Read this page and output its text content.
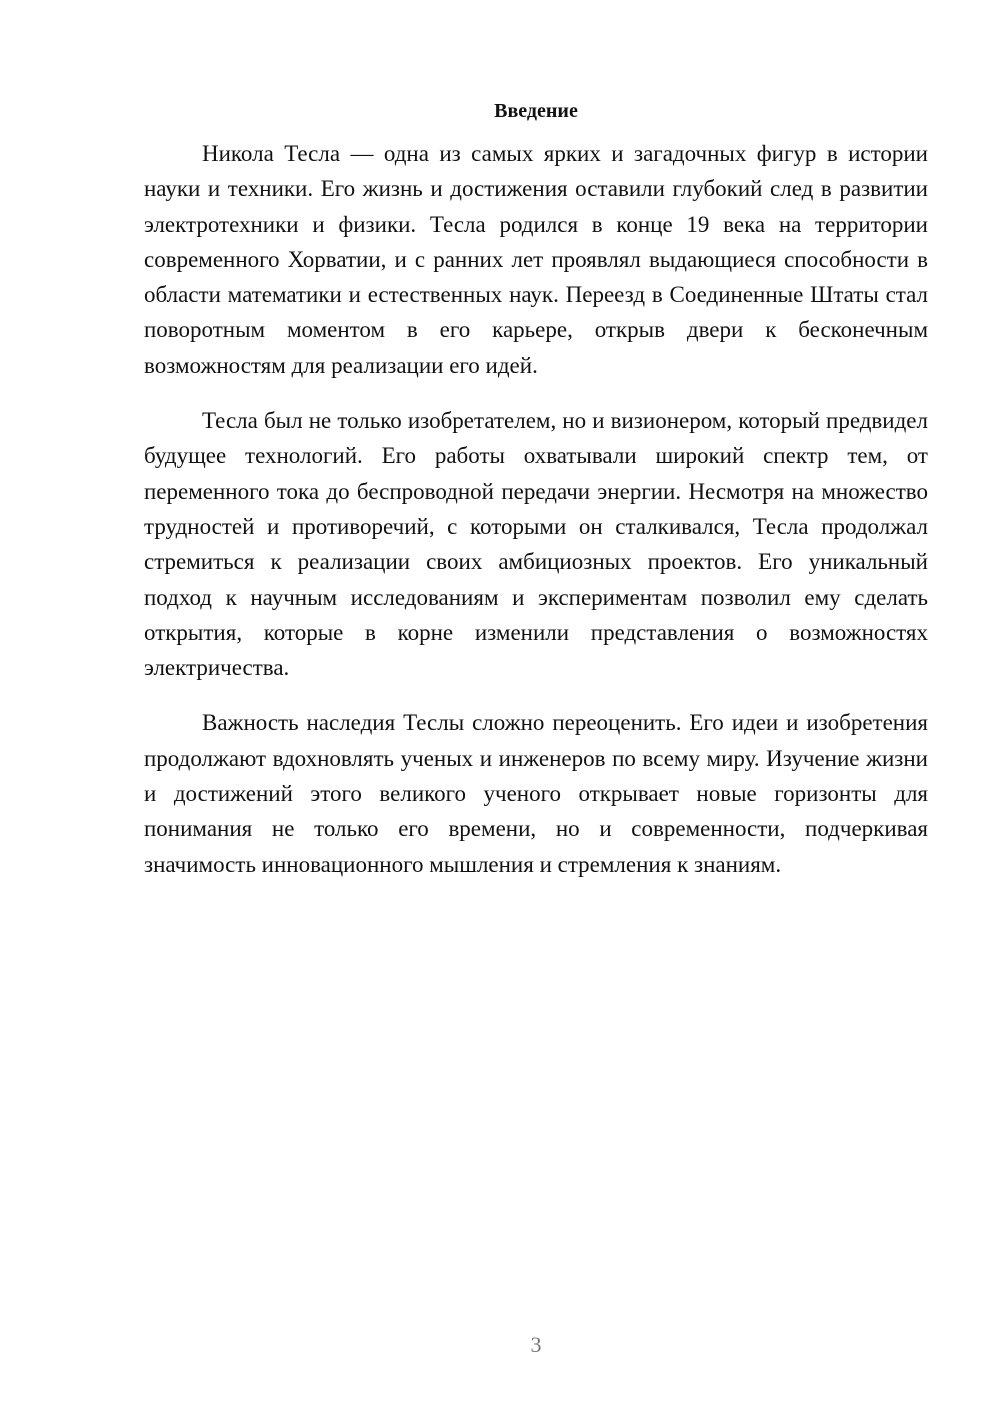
Введение

Никола Тесла — одна из самых ярких и загадочных фигур в истории науки и техники. Его жизнь и достижения оставили глубокий след в развитии электротехники и физики. Тесла родился в конце 19 века на территории современного Хорватии, и с ранних лет проявлял выдающиеся способности в области математики и естественных наук. Переезд в Соединенные Штаты стал поворотным моментом в его карьере, открыв двери к бесконечным возможностям для реализации его идей.

Тесла был не только изобретателем, но и визионером, который предвидел будущее технологий. Его работы охватывали широкий спектр тем, от переменного тока до беспроводной передачи энергии. Несмотря на множество трудностей и противоречий, с которыми он сталкивался, Тесла продолжал стремиться к реализации своих амбициозных проектов. Его уникальный подход к научным исследованиям и экспериментам позволил ему сделать открытия, которые в корне изменили представления о возможностях электричества.

Важность наследия Теслы сложно переоценить. Его идеи и изобретения продолжают вдохновлять ученых и инженеров по всему миру. Изучение жизни и достижений этого великого ученого открывает новые горизонты для понимания не только его времени, но и современности, подчеркивая значимость инновационного мышления и стремления к знаниям.

3
